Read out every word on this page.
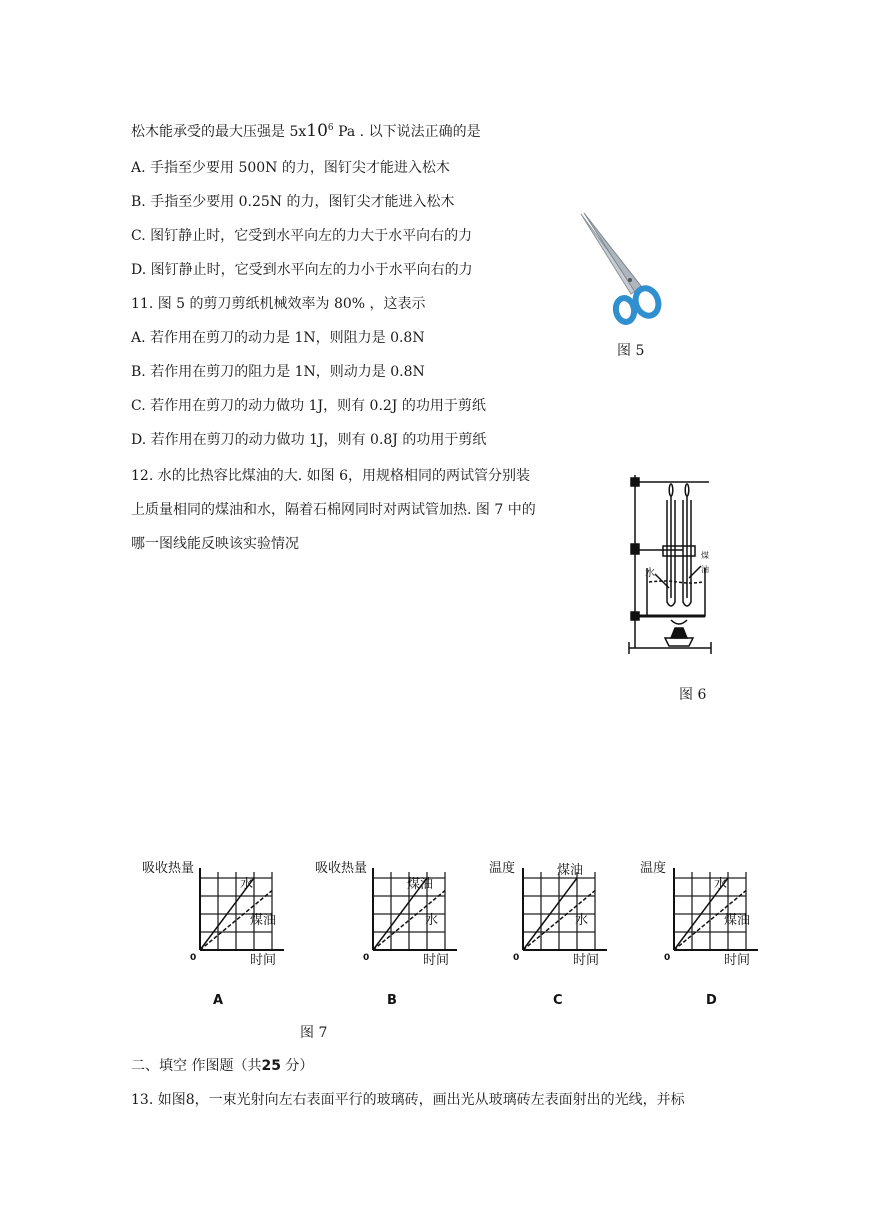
松木能承受的最大压强是 $5x10^6$ Pa . 以下说法正确的是
A. 手指至少要用 500N 的力，图钉尖才能进入松木
B. 手指至少要用 0.25N 的力，图钉尖才能进入松木
C. 图钉静止时，它受到水平向左的力大于水平向右的力
D. 图钉静止时，它受到水平向左的力小于水平向右的力
11. 图 5 的剪刀剪纸机械效率为 80% ，这表示
A. 若作用在剪刀的动力是 1N，则阻力是 0.8N
B. 若作用在剪刀的阻力是 1N，则动力是 0.8N
C. 若作用在剪刀的动力做功 1J，则有 0.2J 的功用于剪纸
D. 若作用在剪刀的动力做功 1J，则有 0.8J 的功用于剪纸
12. 水的比热容比煤油的大. 如图 6，用规格相同的两试管分别装
上质量相同的煤油和水，隔着石棉网同时对两试管加热. 图 7 中的
哪一图线能反映该实验情况
图 5
水
煤
油
图 6
吸收热量
时间
0
水
煤油
A
吸收热量
时间
0
煤油
水
B
温度
时间
0
煤油
水
C
温度
时间
0
水
煤油
D
图 7
二、填空 作图题（共25 分）
13. 如图8，一束光射向左右表面平行的玻璃砖，画出光从玻璃砖左表面射出的光线，并标
